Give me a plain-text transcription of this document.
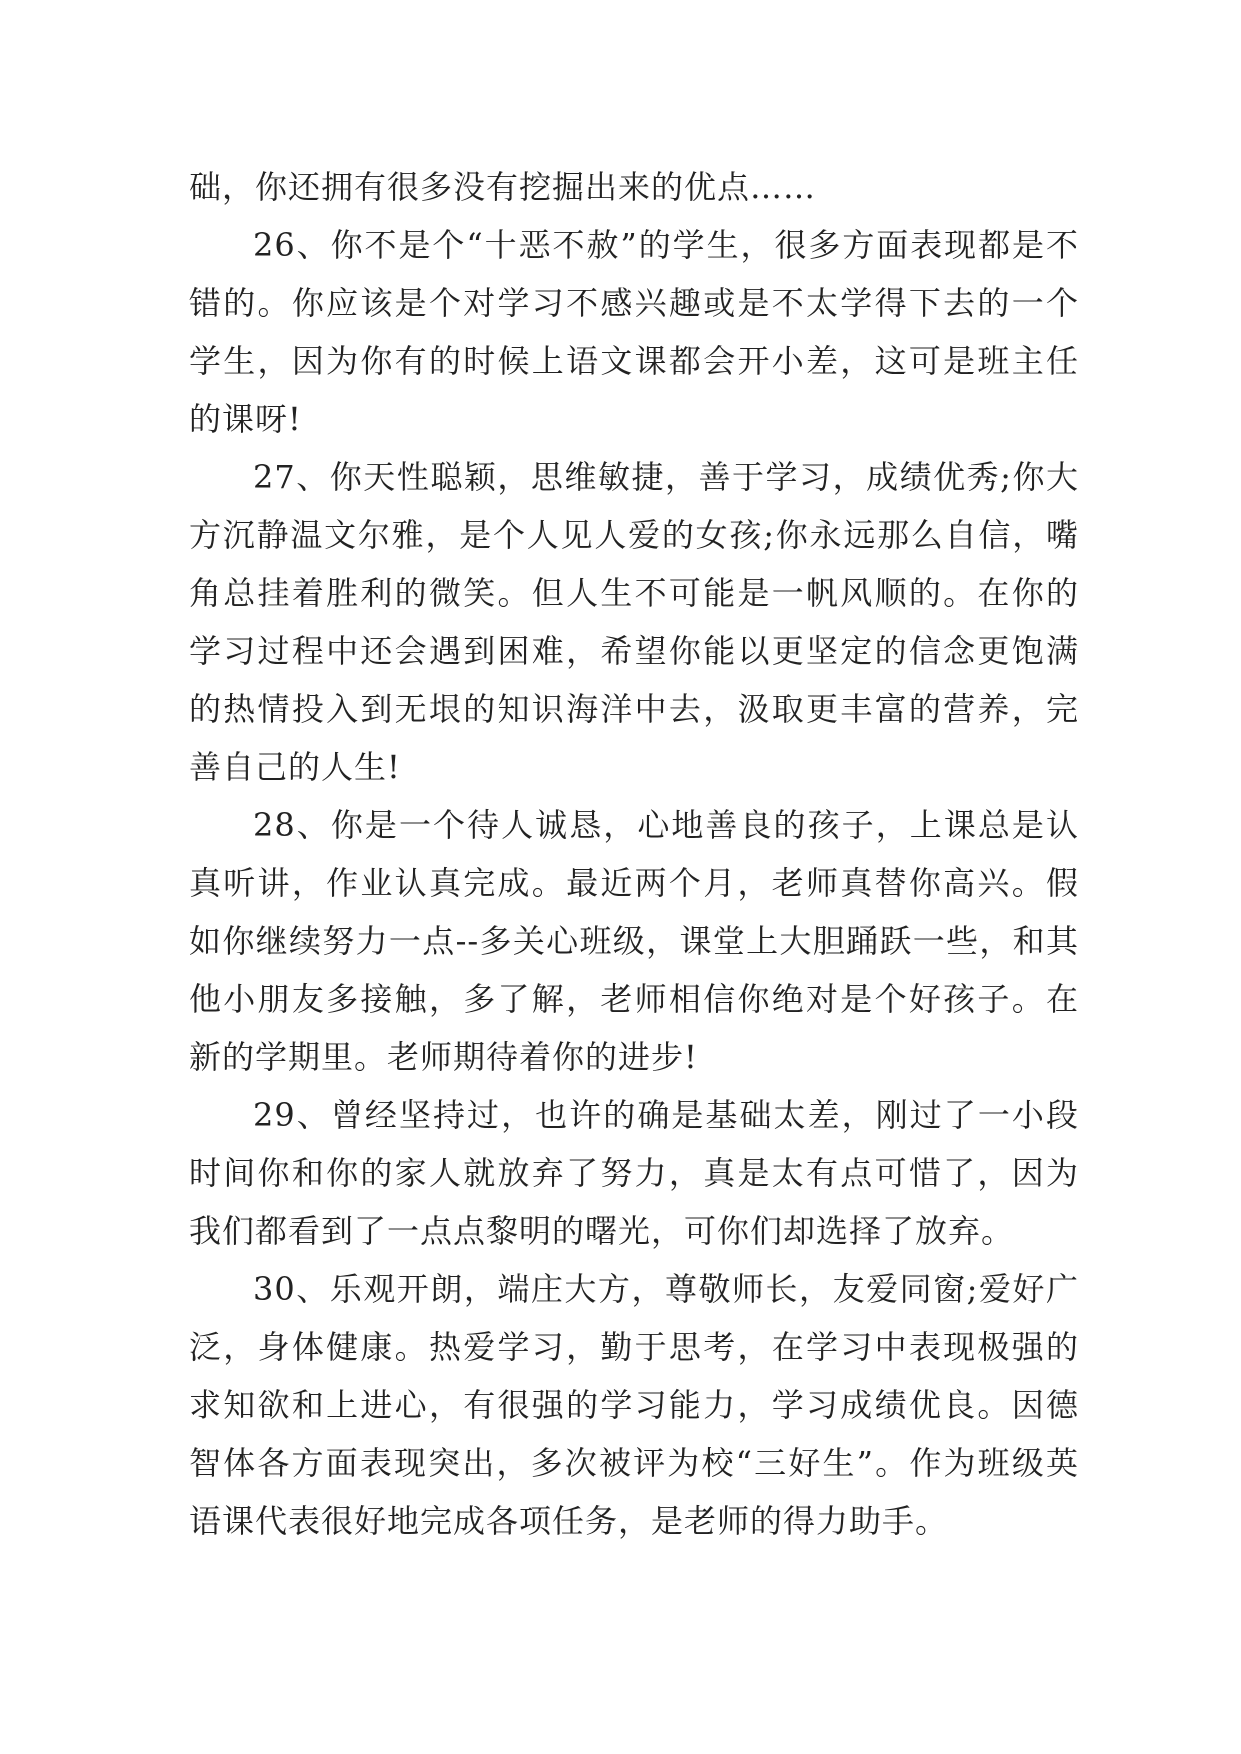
础，你还拥有很多没有挖掘出来的优点……

26、你不是个“十恶不赦”的学生，很多方面表现都是不错的。你应该是个对学习不感兴趣或是不太学得下去的一个学生，因为你有的时候上语文课都会开小差，这可是班主任的课呀!

27、你天性聪颖，思维敏捷，善于学习，成绩优秀;你大方沉静温文尔雅，是个人见人爱的女孩;你永远那么自信，嘴角总挂着胜利的微笑。但人生不可能是一帆风顺的。在你的学习过程中还会遇到困难，希望你能以更坚定的信念更饱满的热情投入到无垠的知识海洋中去，汲取更丰富的营养，完善自己的人生!

28、你是一个待人诚恳，心地善良的孩子，上课总是认真听讲，作业认真完成。最近两个月，老师真替你高兴。假如你继续努力一点--多关心班级，课堂上大胆踊跃一些，和其他小朋友多接触，多了解，老师相信你绝对是个好孩子。在新的学期里。老师期待着你的进步!

29、曾经坚持过，也许的确是基础太差，刚过了一小段时间你和你的家人就放弃了努力，真是太有点可惜了，因为我们都看到了一点点黎明的曙光，可你们却选择了放弃。

30、乐观开朗，端庄大方，尊敬师长，友爱同窗;爱好广泛，身体健康。热爱学习，勤于思考，在学习中表现极强的求知欲和上进心，有很强的学习能力，学习成绩优良。因德智体各方面表现突出，多次被评为校“三好生”。作为班级英语课代表很好地完成各项任务，是老师的得力助手。
